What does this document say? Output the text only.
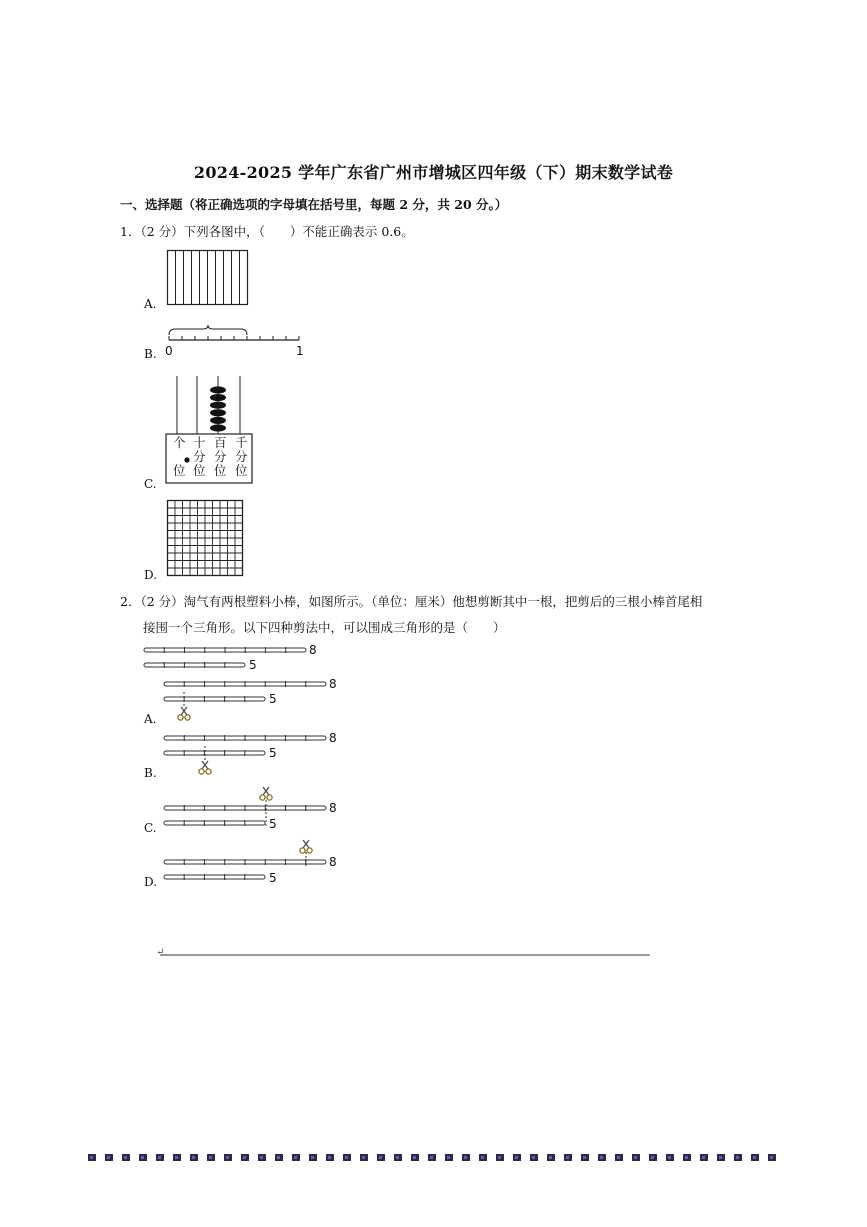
2024-2025 学年广东省广州市增城区四年级（下）期末数学试卷
一、选择题（将正确选项的字母填在括号里，每题 2 分，共 20 分。）
1．（2 分）下列各图中，（　　）不能正确表示 0.6。
A.
B. 0	1
C.
个
位
十
分
位
百
分
位
千
分
位
D.
2．（2 分）淘气有两根塑料小棒，如图所示。（单位：厘米）他想剪断其中一根，把剪后的三根小棒首尾相
接围一个三角形。以下四种剪法中，可以围成三角形的是（　　）
A.
B.
C.
D.
8
5
8
5
8
5
8
5
8
5
↵
